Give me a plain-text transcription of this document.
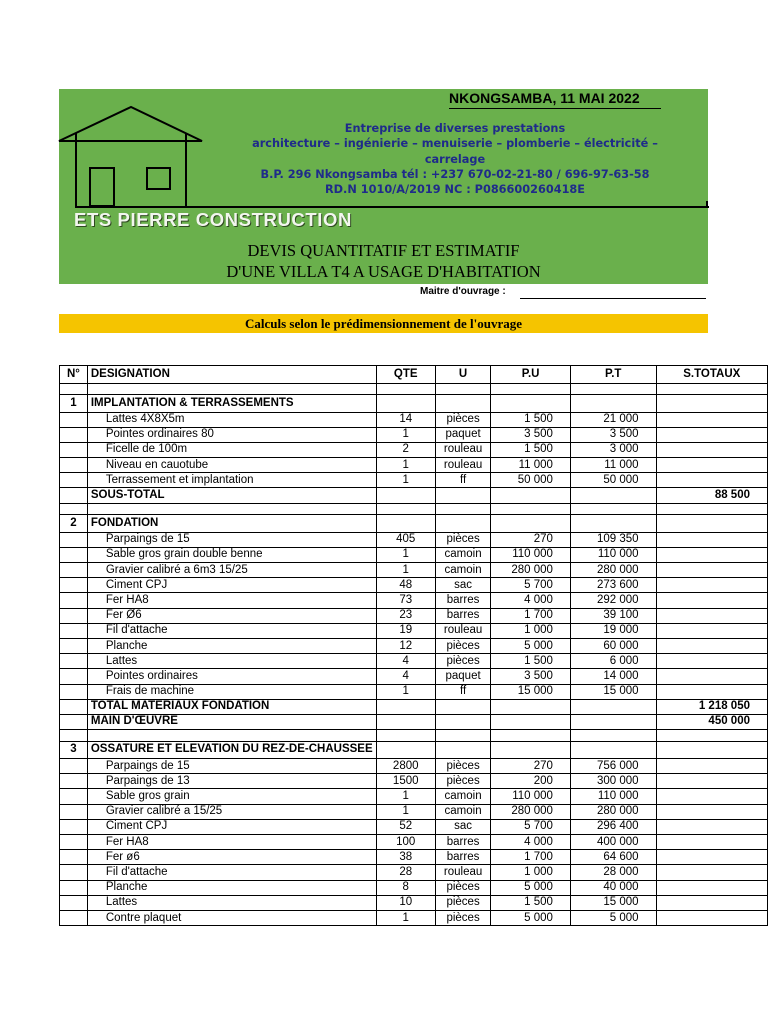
NKONGSAMBA, 11 MAI 2022
Entreprise de diverses prestations
architecture – ingénierie – menuiserie – plomberie – électricité – carrelage
B.P. 296 Nkongsamba tél : +237 670-02-21-80 / 696-97-63-58
RD.N 1010/A/2019 NC : P086600260418E
ETS PIERRE CONSTRUCTION
DEVIS QUANTITATIF ET ESTIMATIF
D'UNE VILLA T4 A USAGE D'HABITATION
Maitre d'ouvrage :
Calculs selon le prédimensionnement de l'ouvrage
N°	DESIGNATION	QTE	U	P.U	P.T	S.TOTAUX

1	IMPLANTATION & TERRASSEMENTS					
	Lattes 4X8X5m	14	pièces	1 500	21 000	
	Pointes ordinaires 80	1	paquet	3 500	3 500	
	Ficelle de 100m	2	rouleau	1 500	3 000	
	Niveau en cauotube	1	rouleau	11 000	11 000	
	Terrassement et implantation	1	ff	50 000	50 000	
	SOUS-TOTAL					88 500

2	FONDATION					
	Parpaings de 15	405	pièces	270	109 350	
	Sable gros grain double benne	1	camoin	110 000	110 000	
	Gravier calibré a 6m3 15/25	1	camoin	280 000	280 000	
	Ciment CPJ	48	sac	5 700	273 600	
	Fer HA8	73	barres	4 000	292 000	
	Fer Ø6	23	barres	1 700	39 100	
	Fil d'attache	19	rouleau	1 000	19 000	
	Planche	12	pièces	5 000	60 000	
	Lattes	4	pièces	1 500	6 000	
	Pointes ordinaires	4	paquet	3 500	14 000	
	Frais de machine	1	ff	15 000	15 000	
	TOTAL MATERIAUX FONDATION					1 218 050
	MAIN D'ŒUVRE					450 000

3	OSSATURE ET ELEVATION DU REZ-DE-CHAUSSEE					
	Parpaings de 15	2800	pièces	270	756 000	
	Parpaings de 13	1500	pièces	200	300 000	
	Sable gros grain	1	camoin	110 000	110 000	
	Gravier calibré a 15/25	1	camoin	280 000	280 000	
	Ciment CPJ	52	sac	5 700	296 400	
	Fer HA8	100	barres	4 000	400 000	
	Fer ø6	38	barres	1 700	64 600	
	Fil d'attache	28	rouleau	1 000	28 000	
	Planche	8	pièces	5 000	40 000	
	Lattes	10	pièces	1 500	15 000	
	Contre plaquet	1	pièces	5 000	5 000	
